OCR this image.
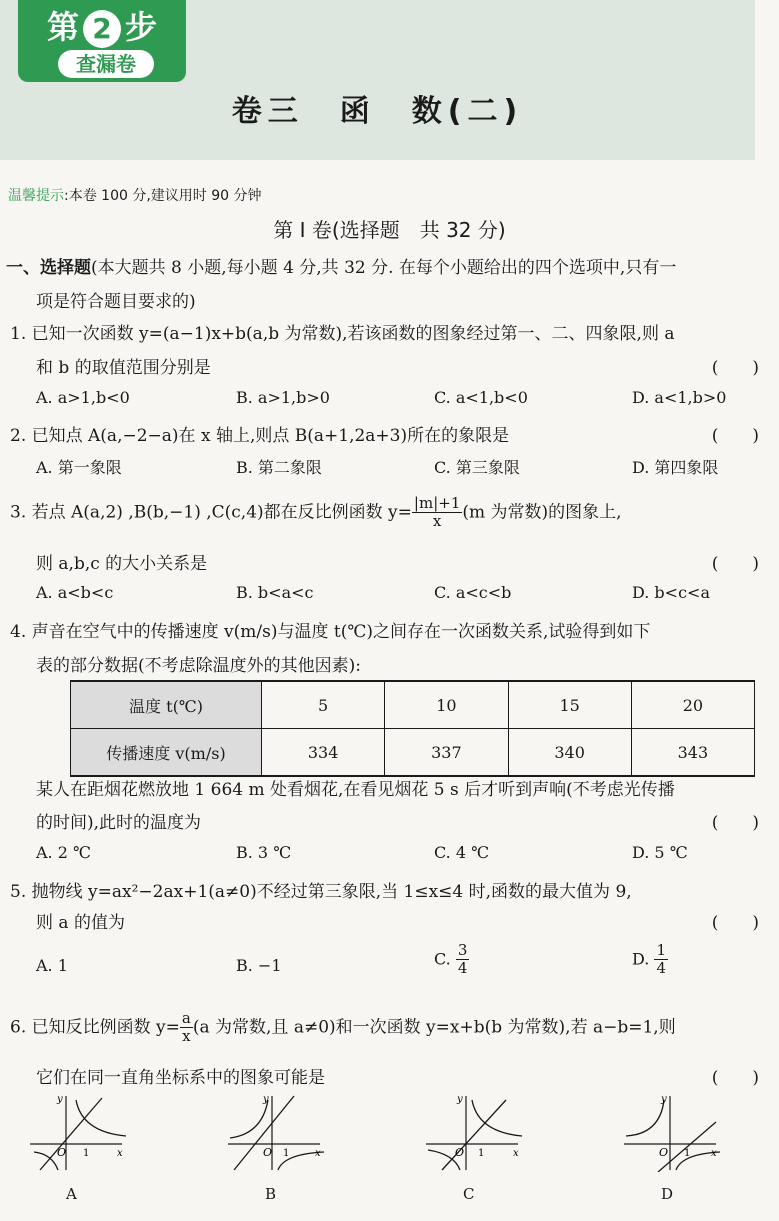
第 2 步
查漏卷
卷三　函　数(二)
温馨提示:本卷 100 分,建议用时 90 分钟
第 Ⅰ 卷(选择题　共 32 分)
一、选择题(本大题共 8 小题,每小题 4 分,共 32 分. 在每个小题给出的四个选项中,只有一
项是符合题目要求的)
1. 已知一次函数 y=(a−1)x+b(a,b 为常数),若该函数的图象经过第一、二、四象限,则 a
和 b 的取值范围分别是	(　　)
A. a>1,b<0	B. a>1,b>0	C. a<1,b<0	D. a<1,b>0
2. 已知点 A(a,−2−a)在 x 轴上,则点 B(a+1,2a+3)所在的象限是	(　　)
A. 第一象限	B. 第二象限	C. 第三象限	D. 第四象限
3. 若点 A(a,2) ,B(b,−1) ,C(c,4)都在反比例函数 $y= \frac{|m|+1}{x} (m$ 为常数)的图象上,
则 a,b,c 的大小关系是	(　　)
A. a<b<c	B. b<a<c	C. a<c<b	D. b<c<a
4. 声音在空气中的传播速度 v(m/s)与温度 t(℃)之间存在一次函数关系,试验得到如下
表的部分数据(不考虑除温度外的其他因素):
温度 t(℃)	5	10	15	20
传播速度 v(m/s)	334	337	340	343
某人在距烟花燃放地 1 664 m 处看烟花,在看见烟花 5 s 后才听到声响(不考虑光传播
的时间),此时的温度为	(　　)
A. 2 ℃	B. 3 ℃	C. 4 ℃	D. 5 ℃
5. 抛物线 y=ax²−2ax+1(a≠0)不经过第三象限,当 1≤x≤4 时,函数的最大值为 9,
则 a 的值为	(　　)
A. 1	B. −1	C. $\frac{3}{4}$	D. $\frac{1}{4}$
6. 已知反比例函数 $y= \frac{a}{x} (a$ 为常数,且 a≠0)和一次函数 y=x+b(b 为常数),若 a−b=1,则
它们在同一直角坐标系中的图象可能是	(　　)
y
x
O 1
A
y
x
O 1
B
y
x
O 1
C
y
x
O 1
D
